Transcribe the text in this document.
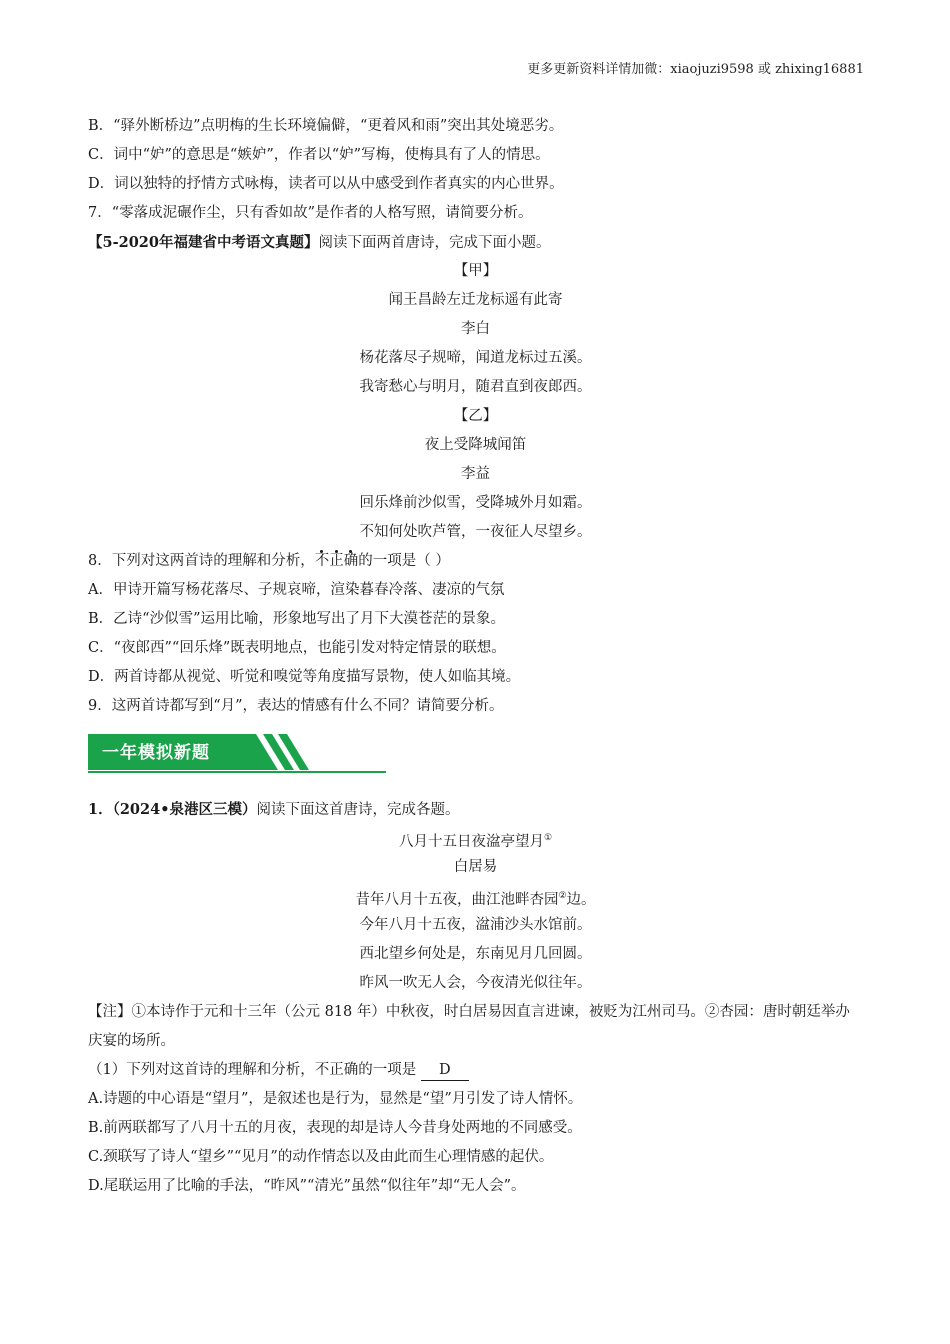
更多更新资料详情加微：xiaojuzi9598 或 zhixing16881
B．“驿外断桥边”点明梅的生长环境偏僻，“更着风和雨”突出其处境恶劣。
C．词中“妒”的意思是“嫉妒”，作者以“妒”写梅，使梅具有了人的情思。
D．词以独特的抒情方式咏梅，读者可以从中感受到作者真实的内心世界。
7．“零落成泥碾作尘，只有香如故”是作者的人格写照，请简要分析。
【5-2020年福建省中考语文真题】阅读下面两首唐诗，完成下面小题。
【甲】
闻王昌龄左迁龙标遥有此寄
李白
杨花落尽子规啼，闻道龙标过五溪。
我寄愁心与明月，随君直到夜郎西。
【乙】
夜上受降城闻笛
李益
回乐烽前沙似雪，受降城外月如霜。
不知何处吹芦管，一夜征人尽望乡。
8．下列对这两首诗的理解和分析，不正确的一项是（ ）
A．甲诗开篇写杨花落尽、子规哀啼，渲染暮春冷落、凄凉的气氛
B．乙诗“沙似雪”运用比喻，形象地写出了月下大漠苍茫的景象。
C．“夜郎西”“回乐烽”既表明地点，也能引发对特定情景的联想。
D．两首诗都从视觉、听觉和嗅觉等角度描写景物，使人如临其境。
9．这两首诗都写到“月”，表达的情感有什么不同？请简要分析。
一年模拟新题
1．（2024•泉港区三模）阅读下面这首唐诗，完成各题。
八月十五日夜湓亭望月①
白居易
昔年八月十五夜，曲江池畔杏园②边。
今年八月十五夜，湓浦沙头水馆前。
西北望乡何处是，东南见月几回圆。
昨风一吹无人会，今夜清光似往年。
【注】①本诗作于元和十三年（公元 818 年）中秋夜，时白居易因直言进谏，被贬为江州司马。②杏园：唐时朝廷举办庆宴的场所。
（1）下列对这首诗的理解和分析，不正确的一项是 D
A.诗题的中心语是“望月”，是叙述也是行为，显然是“望”月引发了诗人情怀。
B.前两联都写了八月十五的月夜，表现的却是诗人今昔身处两地的不同感受。
C.颈联写了诗人“望乡”“见月”的动作情态以及由此而生心理情感的起伏。
D.尾联运用了比喻的手法，“昨风”“清光”虽然“似往年”却“无人会”。
